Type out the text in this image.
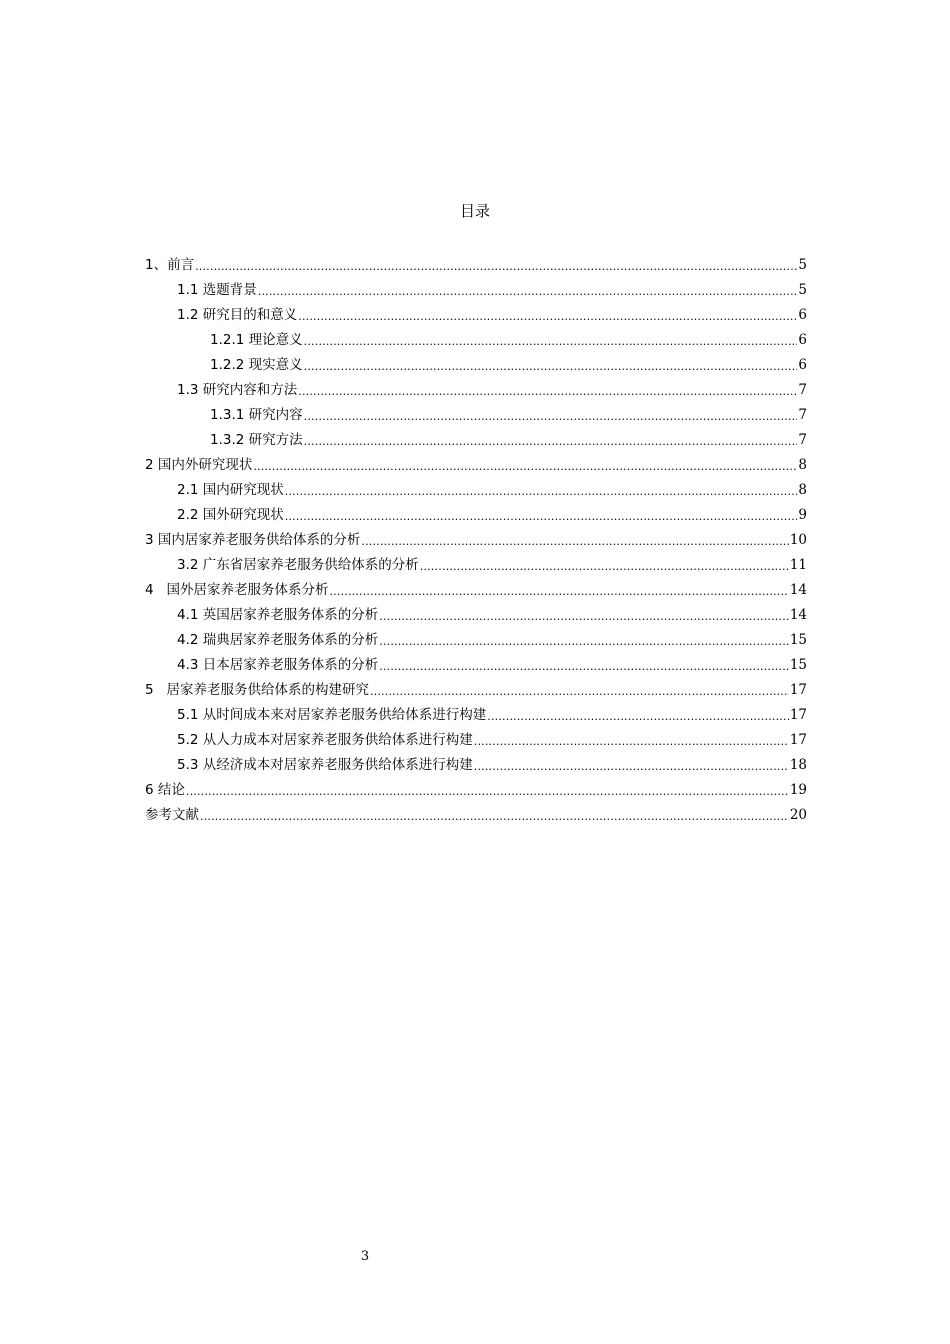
目录
1、前言 .....	5
1.1 选题背景 .....	5
1.2 研究目的和意义 .....	6
1.2.1 理论意义 .....	6
1.2.2 现实意义 .....	6
1.3 研究内容和方法 .....	7
1.3.1 研究内容 .....	7
1.3.2 研究方法 .....	7
2 国内外研究现状 .....	8
2.1 国内研究现状 .....	8
2.2 国外研究现状 .....	9
3 国内居家养老服务供给体系的分析 .....	10
3.2 广东省居家养老服务供给体系的分析 .....	11
4   国外居家养老服务体系分析 .....	14
4.1 英国居家养老服务体系的分析 .....	14
4.2 瑞典居家养老服务体系的分析 .....	15
4.3 日本居家养老服务体系的分析 .....	15
5   居家养老服务供给体系的构建研究 .....	17
5.1 从时间成本来对居家养老服务供给体系进行构建 .....	17
5.2 从人力成本对居家养老服务供给体系进行构建 .....	17
5.3 从经济成本对居家养老服务供给体系进行构建 .....	18
6 结论 .....	19
参考文献 .....	20
3
